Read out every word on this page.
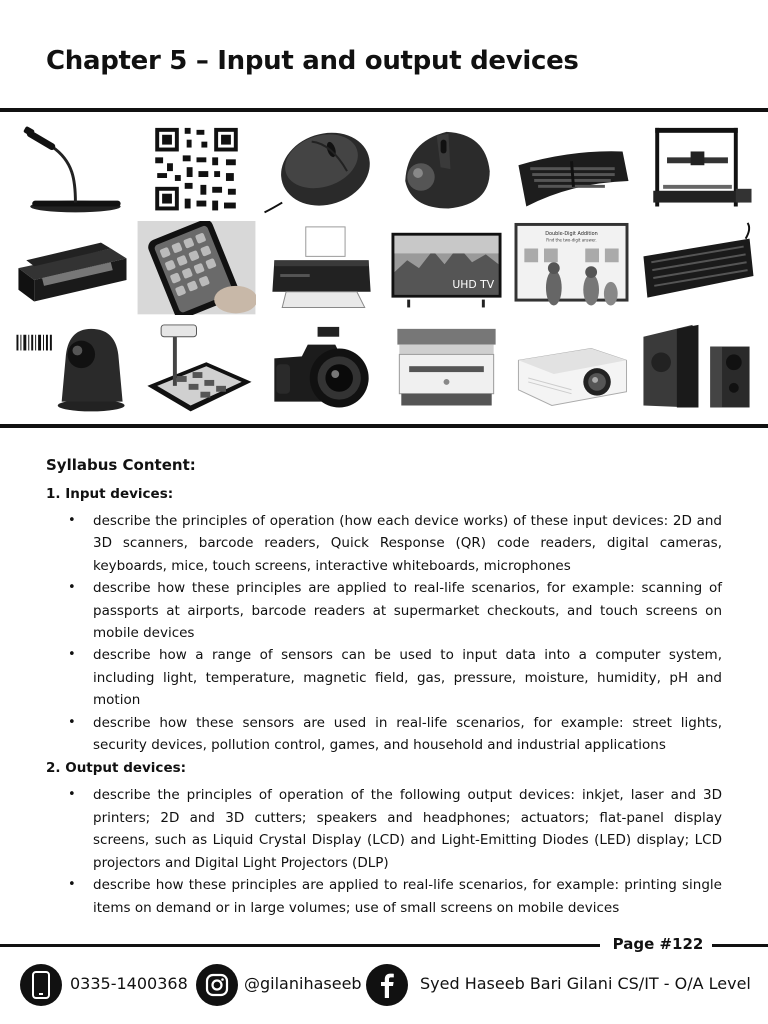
Chapter 5 – Input and output devices
UHD TV
Double-Digit Addition
Find the two-digit answer.
Syllabus Content:
1. Input devices:
• describe the principles of operation (how each device works) of these input devices: 2D and 3D scanners, barcode readers, Quick Response (QR) code readers, digital cameras, keyboards, mice, touch screens, interactive whiteboards, microphones
• describe how these principles are applied to real-life scenarios, for example: scanning of passports at airports, barcode readers at supermarket checkouts, and touch screens on mobile devices
• describe how a range of sensors can be used to input data into a computer system, including light, temperature, magnetic field, gas, pressure, moisture, humidity, pH and motion
• describe how these sensors are used in real-life scenarios, for example: street lights, security devices, pollution control, games, and household and industrial applications
2. Output devices:
• describe the principles of operation of the following output devices: inkjet, laser and 3D printers; 2D and 3D cutters; speakers and headphones; actuators; flat-panel display screens, such as Liquid Crystal Display (LCD) and Light-Emitting Diodes (LED) display; LCD projectors and Digital Light Projectors (DLP)
• describe how these principles are applied to real-life scenarios, for example: printing single items on demand or in large volumes; use of small screens on mobile devices
Page #122
0335-1400368	@gilanihaseeb	Syed Haseeb Bari Gilani CS/IT - O/A Level
